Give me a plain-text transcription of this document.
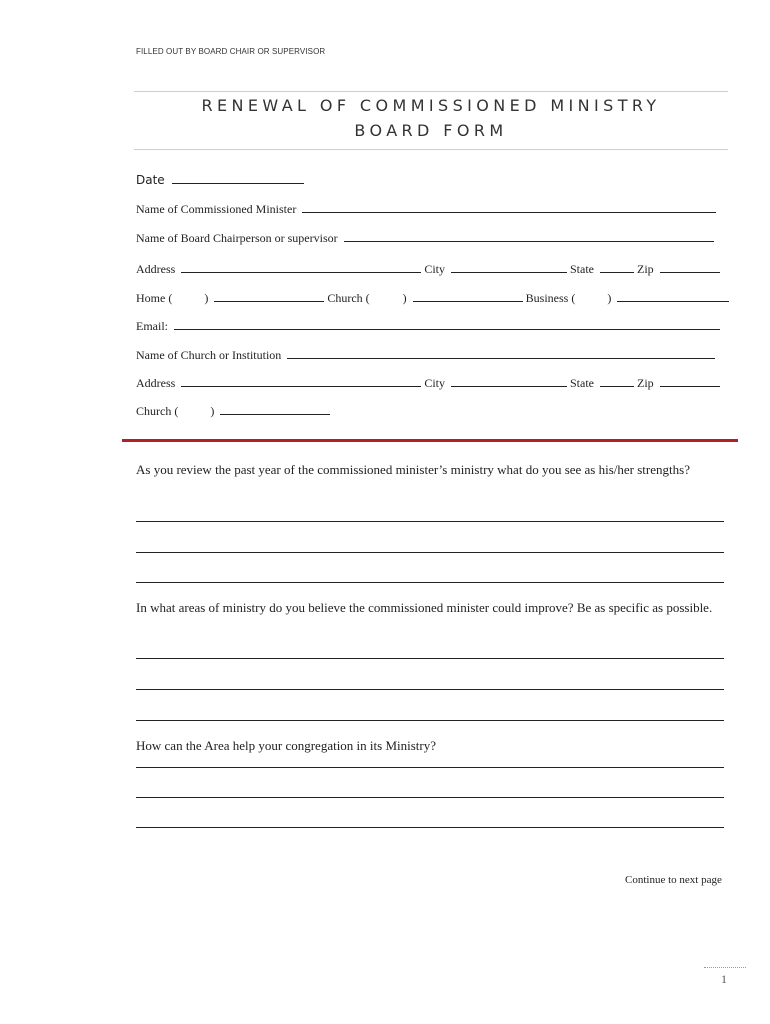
FILLED OUT BY BOARD CHAIR OR SUPERVISOR
RENEWAL OF COMMISSIONED MINISTRY
BOARD FORM
Date
Name of Commissioned Minister
Name of Board Chairperson or supervisor
Address	City	State	Zip
Home (	)	Church (	)	Business (	)
Email:
Name of Church or Institution
Address	City	State	Zip
Church (	)
As you review the past year of the commissioned minister’s ministry what do you see as his/her strengths?
In what areas of ministry do you believe the commissioned minister could improve? Be as specific as possible.
How can the Area help your congregation in its Ministry?
Continue to next page
1
